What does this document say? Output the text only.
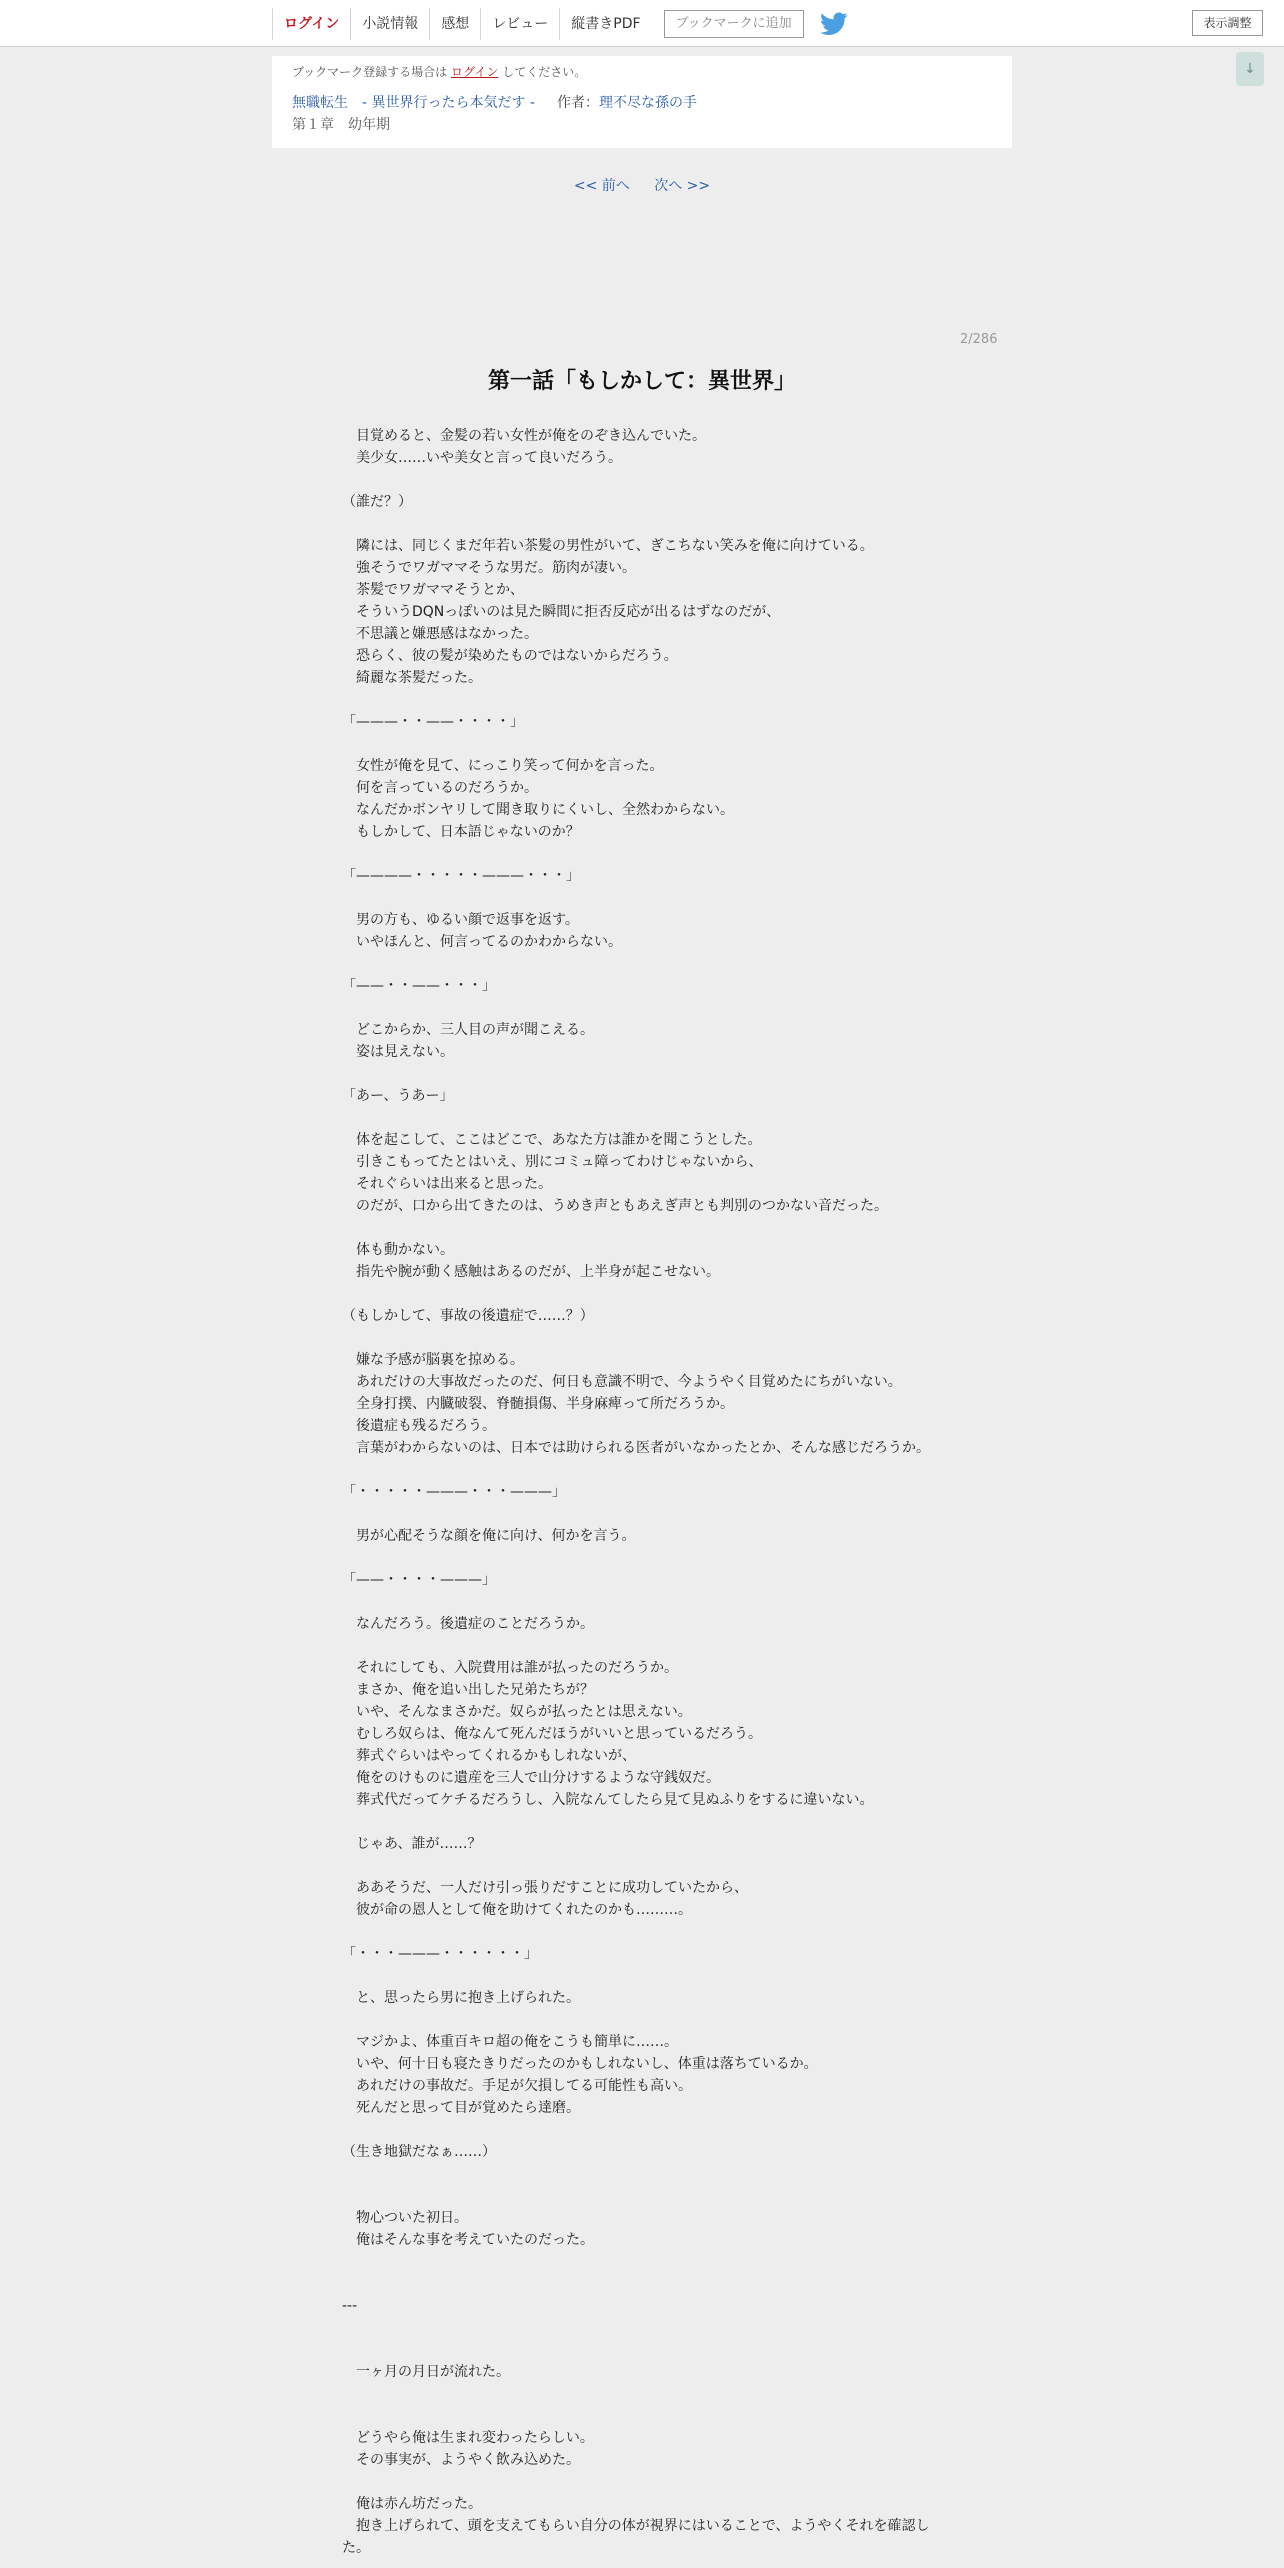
ログイン	小説情報	感想	レビュー	縦書きPDF	ブックマークに追加	表示調整
↓
ブックマーク登録する場合は ログイン してください。
無職転生　- 異世界行ったら本気だす - 作者：理不尽な孫の手
第１章　幼年期
<< 前へ 次へ >>
2/286
第一話「もしかして：異世界」
　目覚めると、金髪の若い女性が俺をのぞき込んでいた。
　美少女……いや美女と言って良いだろう。

（誰だ？）

　隣には、同じくまだ年若い茶髪の男性がいて、ぎこちない笑みを俺に向けている。
　強そうでワガママそうな男だ。筋肉が凄い。
　茶髪でワガママそうとか、
　そういうDQNっぽいのは見た瞬間に拒否反応が出るはずなのだが、
　不思議と嫌悪感はなかった。
　恐らく、彼の髪が染めたものではないからだろう。
　綺麗な茶髪だった。

「———・・——・・・・」

　女性が俺を見て、にっこり笑って何かを言った。
　何を言っているのだろうか。
　なんだかボンヤリして聞き取りにくいし、全然わからない。
　もしかして、日本語じゃないのか？

「————・・・・・———・・・」

　男の方も、ゆるい顔で返事を返す。
　いやほんと、何言ってるのかわからない。

「——・・——・・・」

　どこからか、三人目の声が聞こえる。
　姿は見えない。

「あー、うあー」

　体を起こして、ここはどこで、あなた方は誰かを聞こうとした。
　引きこもってたとはいえ、別にコミュ障ってわけじゃないから、
　それぐらいは出来ると思った。
　のだが、口から出てきたのは、うめき声ともあえぎ声とも判別のつかない音だった。

　体も動かない。
　指先や腕が動く感触はあるのだが、上半身が起こせない。

（もしかして、事故の後遺症で……？）

　嫌な予感が脳裏を掠める。
　あれだけの大事故だったのだ、何日も意識不明で、今ようやく目覚めたにちがいない。
　全身打撲、内臓破裂、脊髄損傷、半身麻痺って所だろうか。
　後遺症も残るだろう。
　言葉がわからないのは、日本では助けられる医者がいなかったとか、そんな感じだろうか。

「・・・・・———・・・———」

　男が心配そうな顔を俺に向け、何かを言う。

「——・・・・———」

　なんだろう。後遺症のことだろうか。

　それにしても、入院費用は誰が払ったのだろうか。
　まさか、俺を追い出した兄弟たちが？
　いや、そんなまさかだ。奴らが払ったとは思えない。
　むしろ奴らは、俺なんて死んだほうがいいと思っているだろう。
　葬式ぐらいはやってくれるかもしれないが、
　俺をのけものに遺産を三人で山分けするような守銭奴だ。
　葬式代だってケチるだろうし、入院なんてしたら見て見ぬふりをするに違いない。

　じゃあ、誰が……？

　ああそうだ、一人だけ引っ張りだすことに成功していたから、
　彼が命の恩人として俺を助けてくれたのかも………。

「・・・———・・・・・・」

　と、思ったら男に抱き上げられた。

　マジかよ、体重百キロ超の俺をこうも簡単に……。
　いや、何十日も寝たきりだったのかもしれないし、体重は落ちているか。
　あれだけの事故だ。手足が欠損してる可能性も高い。
　死んだと思って目が覚めたら達磨。

（生き地獄だなぁ……）

　物心ついた初日。
　俺はそんな事を考えていたのだった。

---

　一ヶ月の月日が流れた。

　どうやら俺は生まれ変わったらしい。
　その事実が、ようやく飲み込めた。

　俺は赤ん坊だった。
　抱き上げられて、頭を支えてもらい自分の体が視界にはいることで、ようやくそれを確認した。
